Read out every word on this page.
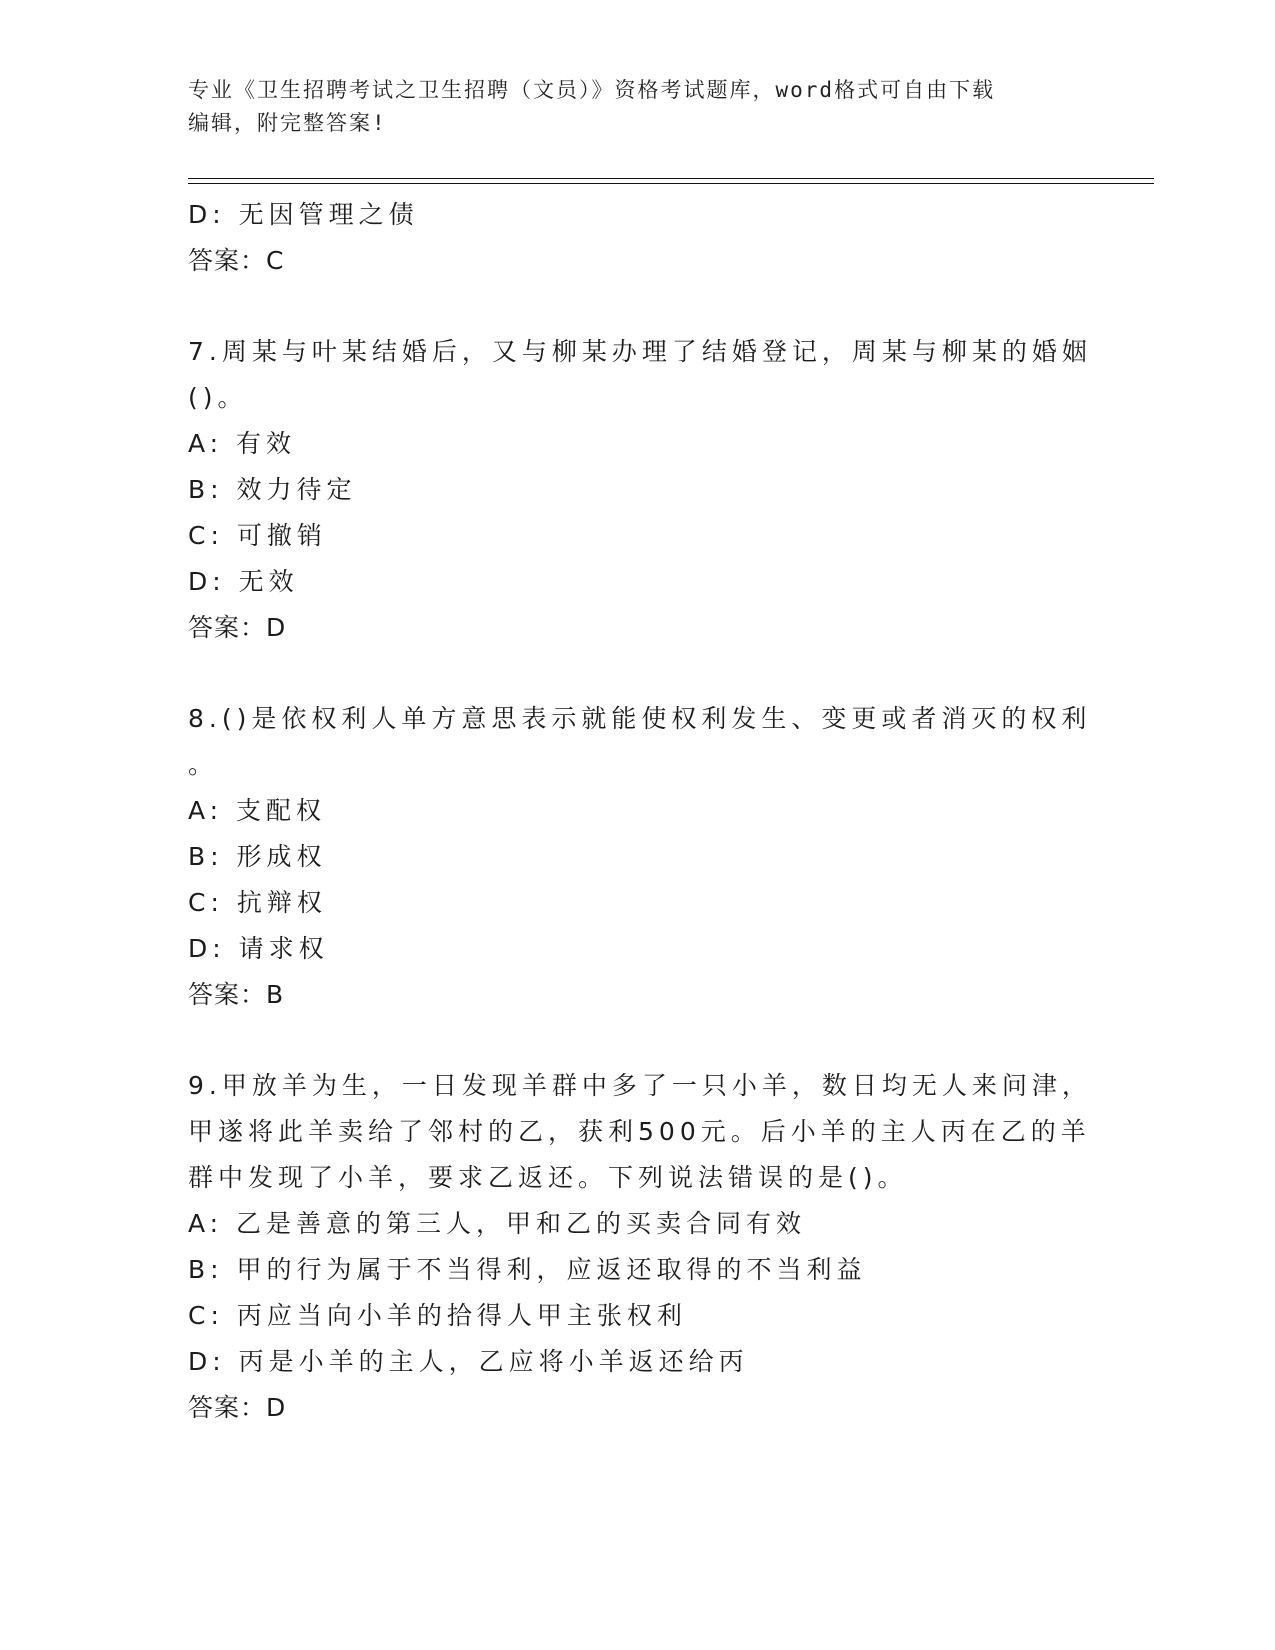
专业《卫生招聘考试之卫生招聘（文员）》资格考试题库，word格式可自由下载
编辑，附完整答案!
D: 无因管理之债
答案：C
7.周某与叶某结婚后，又与柳某办理了结婚登记，周某与柳某的婚姻
()。
A: 有效
B: 效力待定
C: 可撤销
D: 无效
答案：D
8.()是依权利人单方意思表示就能使权利发生、变更或者消灭的权利
。
A: 支配权
B: 形成权
C: 抗辩权
D: 请求权
答案：B
9.甲放羊为生，一日发现羊群中多了一只小羊，数日均无人来问津，
甲遂将此羊卖给了邻村的乙，获利500元。后小羊的主人丙在乙的羊
群中发现了小羊，要求乙返还。下列说法错误的是()。
A: 乙是善意的第三人，甲和乙的买卖合同有效
B: 甲的行为属于不当得利，应返还取得的不当利益
C: 丙应当向小羊的拾得人甲主张权利
D: 丙是小羊的主人，乙应将小羊返还给丙
答案：D
